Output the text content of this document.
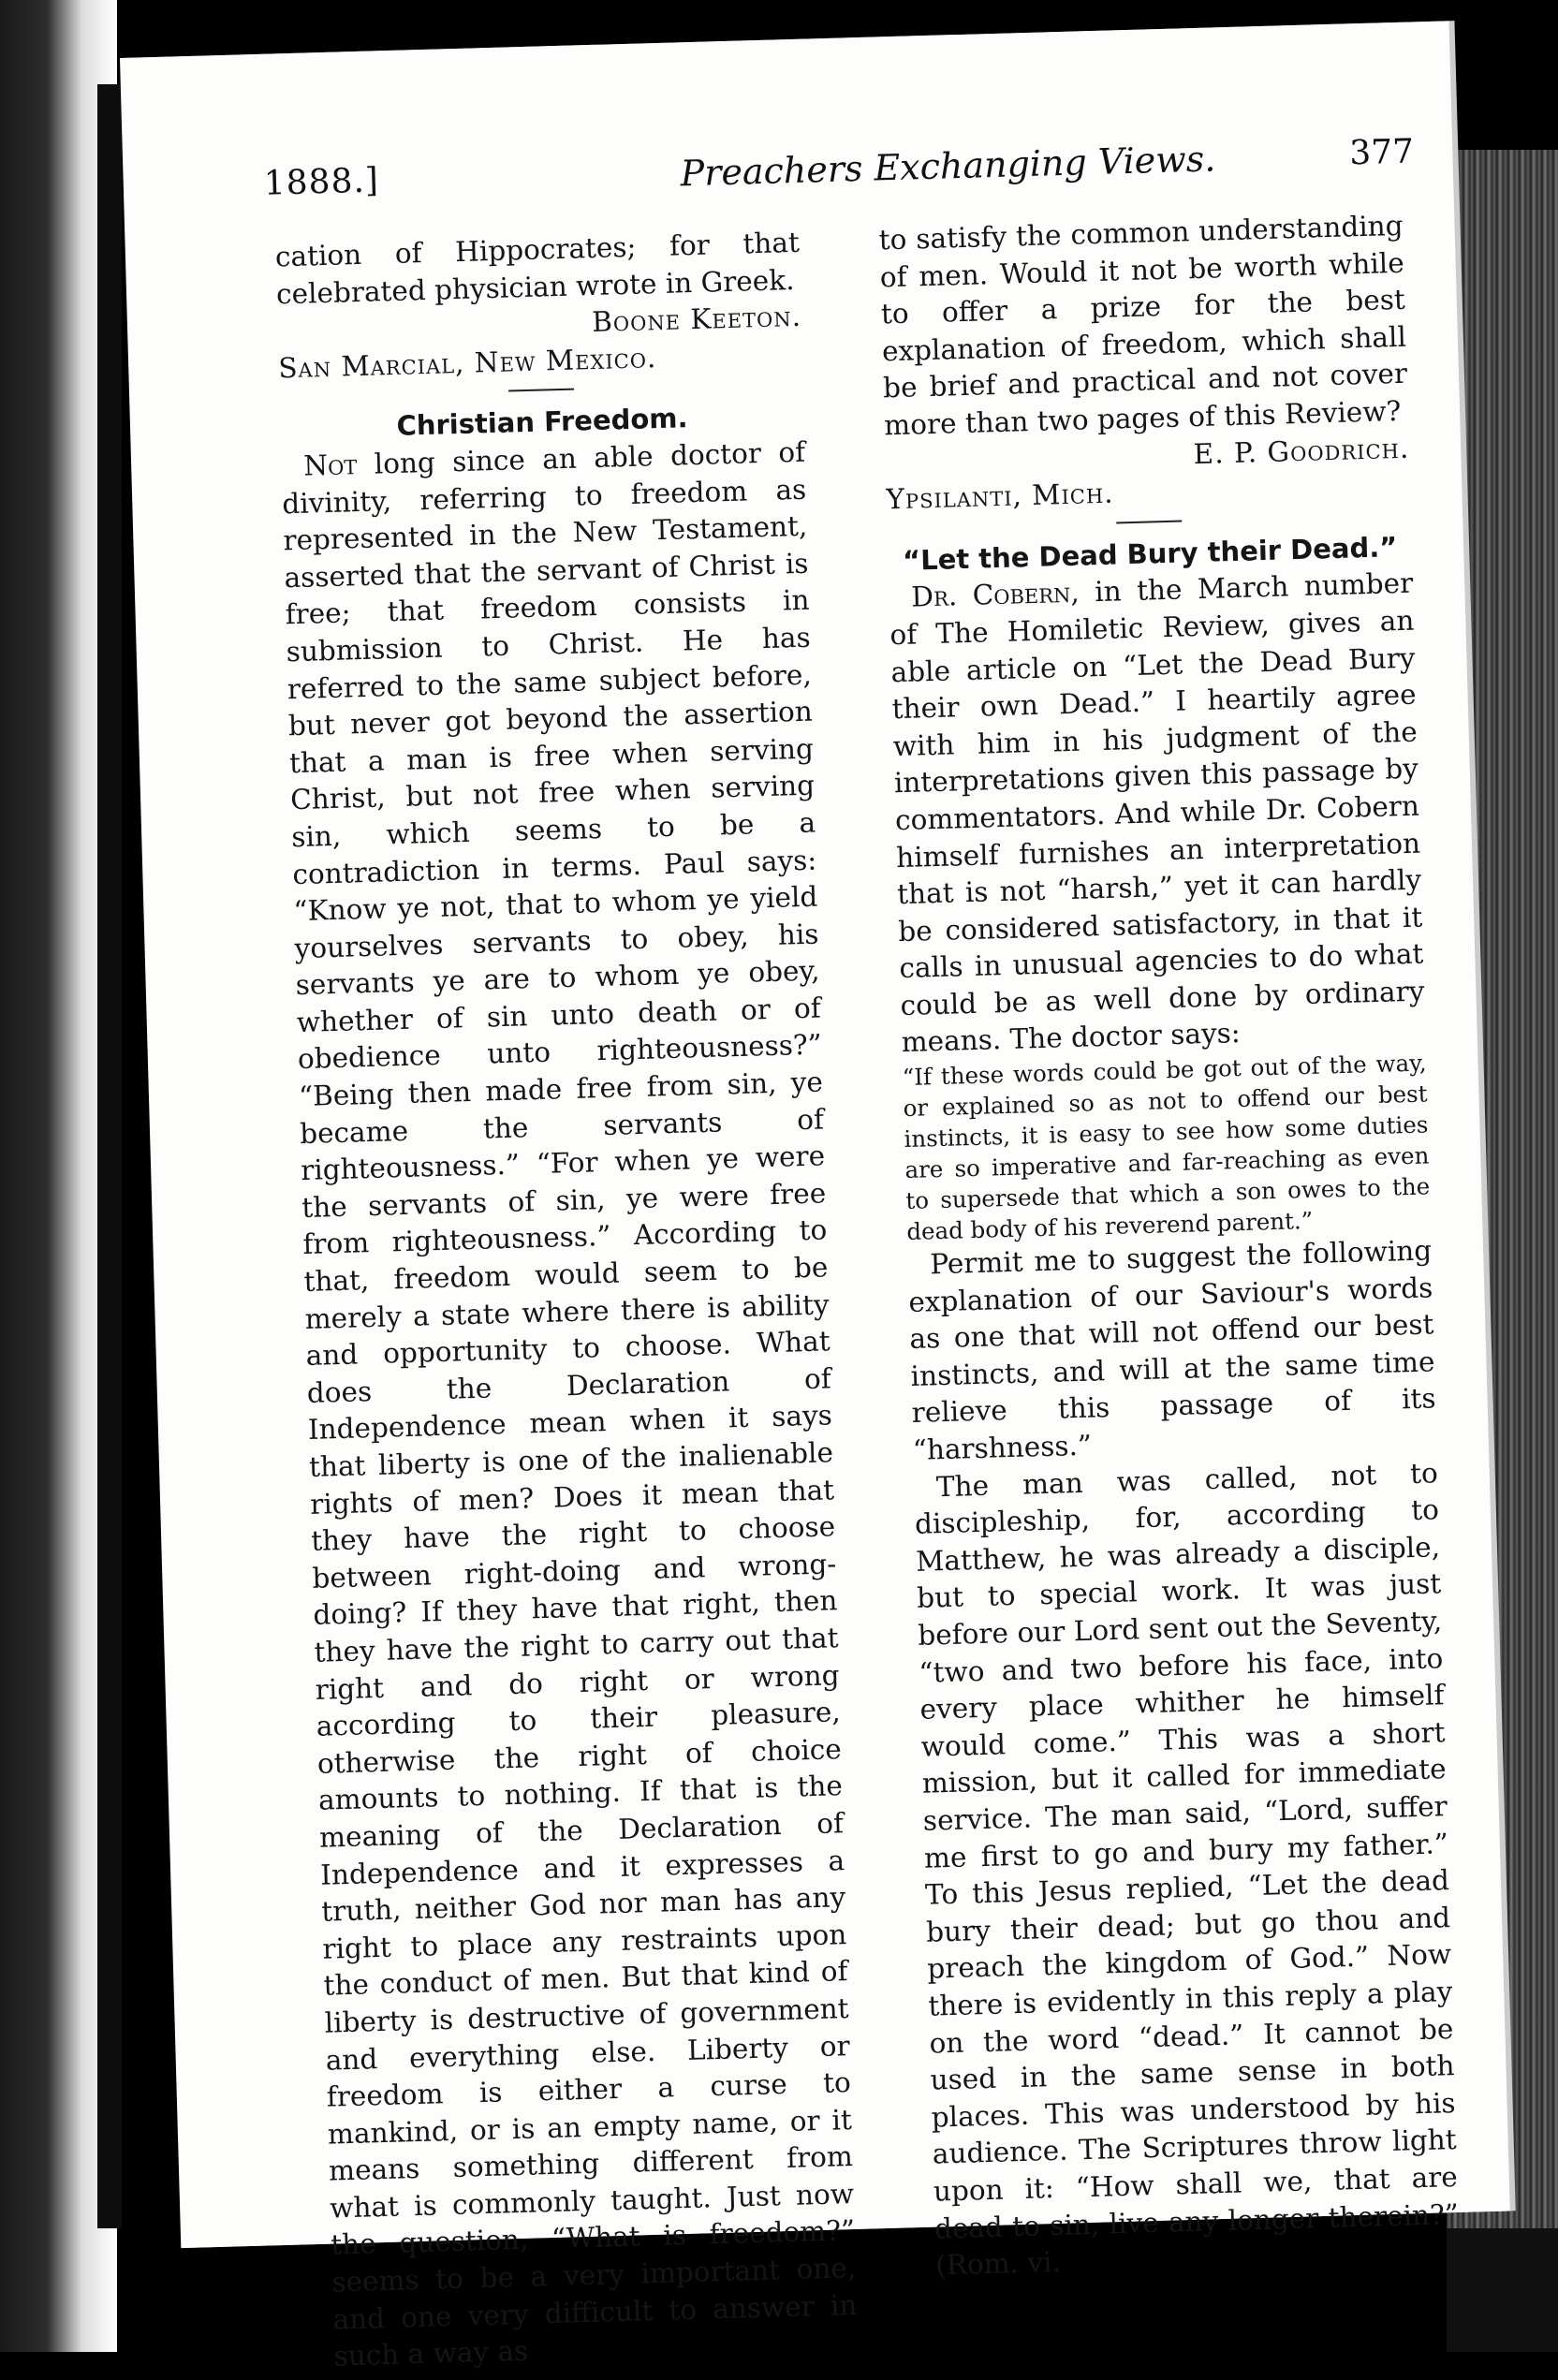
1888.]	Preachers Exchanging Views.	377

cation of Hippocrates; for that celebrated physician wrote in Greek.

Boone Keeton.

San Marcial, New Mexico.

Christian Freedom.

Not long since an able doctor of divinity, referring to freedom as represented in the New Testament, asserted that the servant of Christ is free; that freedom consists in submission to Christ. He has referred to the same subject before, but never got beyond the assertion that a man is free when serving Christ, but not free when serving sin, which seems to be a contradiction in terms. Paul says: “Know ye not, that to whom ye yield yourselves servants to obey, his servants ye are to whom ye obey, whether of sin unto death or of obedience unto righteousness?” “Being then made free from sin, ye became the servants of righteousness.” “For when ye were the servants of sin, ye were free from righteousness.” According to that, freedom would seem to be merely a state where there is ability and opportunity to choose. What does the Declaration of Independence mean when it says that liberty is one of the inalienable rights of men? Does it mean that they have the right to choose between right-doing and wrong-doing? If they have that right, then they have the right to carry out that right and do right or wrong according to their pleasure, otherwise the right of choice amounts to nothing. If that is the meaning of the Declaration of Independence and it expresses a truth, neither God nor man has any right to place any restraints upon the conduct of men. But that kind of liberty is destructive of government and everything else. Liberty or freedom is either a curse to mankind, or is an empty name, or it means something different from what is commonly taught. Just now the question, “What is freedom?” seems to be a very important one, and one very difficult to answer in such a way as

to satisfy the common understanding of men. Would it not be worth while to offer a prize for the best explanation of freedom, which shall be brief and practical and not cover more than two pages of this Review?

E. P. Goodrich.

Ypsilanti, Mich.

“Let the Dead Bury their Dead.”

Dr. Cobern, in the March number of The Homiletic Review, gives an able article on “Let the Dead Bury their own Dead.” I heartily agree with him in his judgment of the interpretations given this passage by commentators. And while Dr. Cobern himself furnishes an interpretation that is not “harsh,” yet it can hardly be considered satisfactory, in that it calls in unusual agencies to do what could be as well done by ordinary means. The doctor says:

“If these words could be got out of the way, or explained so as not to offend our best instincts, it is easy to see how some duties are so imperative and far-reaching as even to supersede that which a son owes to the dead body of his reverend parent.”

Permit me to suggest the following explanation of our Saviour's words as one that will not offend our best instincts, and will at the same time relieve this passage of its “harshness.”

The man was called, not to discipleship, for, according to Matthew, he was already a disciple, but to special work. It was just before our Lord sent out the Seventy, “two and two before his face, into every place whither he himself would come.” This was a short mission, but it called for immediate service. The man said, “Lord, suffer me first to go and bury my father.” To this Jesus replied, “Let the dead bury their dead; but go thou and preach the kingdom of God.” Now there is evidently in this reply a play on the word “dead.” It cannot be used in the same sense in both places. This was understood by his audience. The Scriptures throw light upon it: “How shall we, that are dead to sin, live any longer therein?” (Rom. vi.
